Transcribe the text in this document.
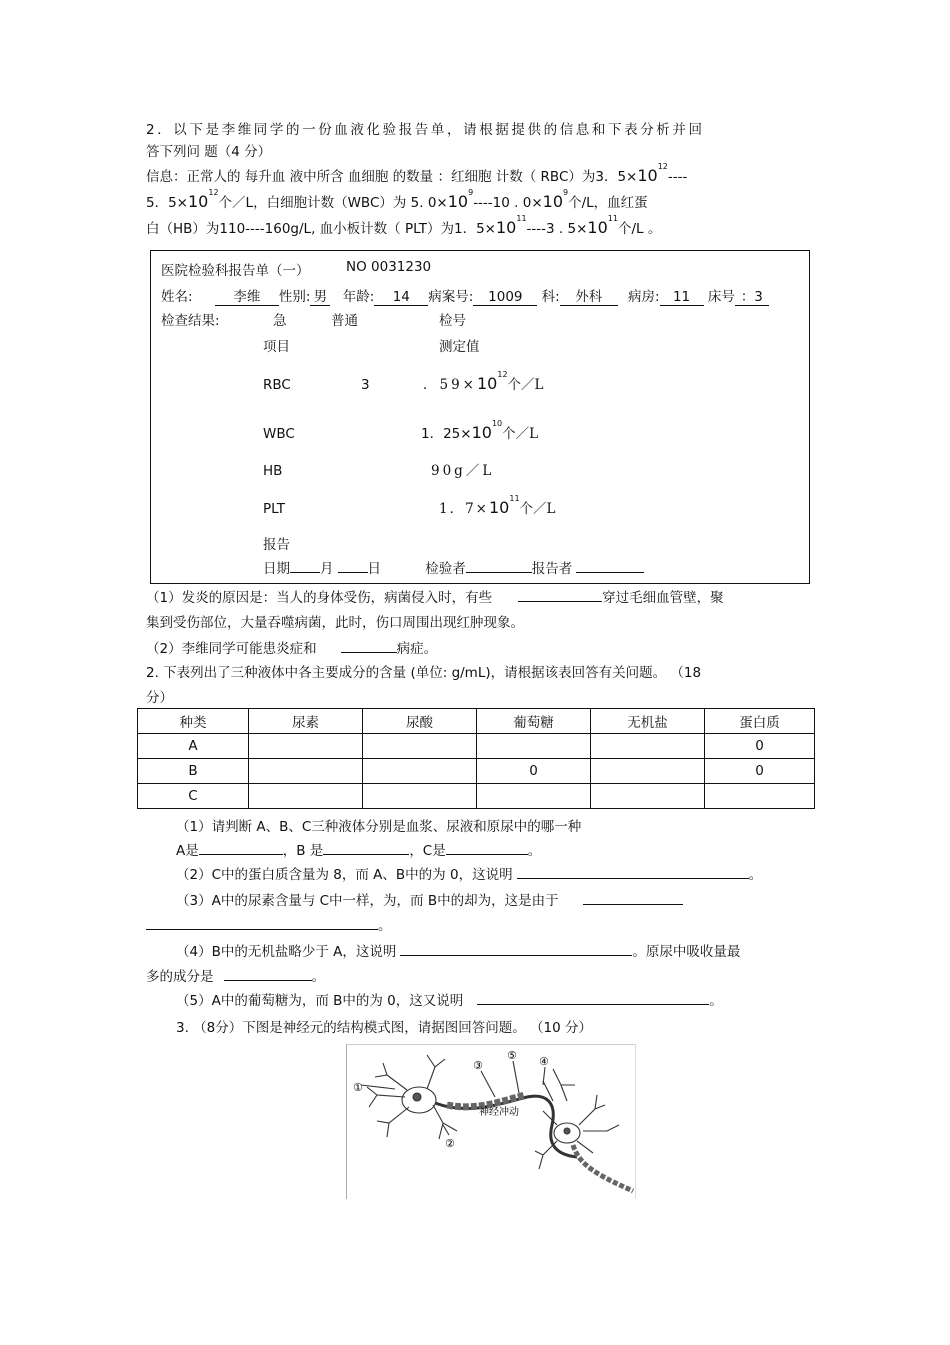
2．以下是李维同学的一份血液化验报告单，请根据提供的信息和下表分析并回
答下列问 题（4 分）
信息：正常人的 每升血 液中所含 血细胞 的数量 ：红细胞 计数（ RBC）为3．$5\times 10^{12}----$
5．$5\times 10^{12}$个／L，白细胞计数（WBC）为 5. $0\times 10^9----10$ . $0\times 10^9$个/L，血红蛋
白（HB）为110----160g/L, 血小板计数（ PLT）为1．$5\times 10^{11}----3$ . $5\times 10^{11}$个/L 。
医院检验科报告单（一）	NO 0031230
姓名:	李维 性别: 男 年龄: 14 病案号: 1009 科: 外科 病房: 11 床号 ：3
检查结果:	急	普通	检号
项目	测定值
RBC	3	．$59\times 10^{12}$个／L
WBC	1．$25\times 10^{10}$个／L
HB	90g／L
PLT	1．$7\times 10^{11}$个／L
报告
日期 月	日	检验者	报告者
（1）发炎的原因是：当人的身体受伤，病菌侵入时，有些	穿过毛细血管壁，聚
集到受伤部位，大量吞噬病菌，此时，伤口周围出现红肿现象。
（2）李维同学可能患炎症和	病症。
2. 下表列出了三种液体中各主要成分的含量 (单位: g/mL)，请根据该表回答有关问题。 （18
分）
种类	尿素	尿酸	葡萄糖	无机盐	蛋白质
A					0
B			0		0
C					
（1）请判断 A、B、C三种液体分别是血浆、尿液和原尿中的哪一种
A是	，B 是	，C是	。
（2）C中的蛋白质含量为 8，而 A、B中的为 0，这说明	。
（3）A中的尿素含量与 C中一样，为，而 B中的却为，这是由于
。
（4）B中的无机盐略少于 A，这说明	。原尿中吸收量最
多的成分是	。
（5）A中的葡萄糖为，而 B中的为 0，这又说明	。
3. （8分）下图是神经元的结构模式图，请据图回答问题。 （10 分）
①
②
③
⑤ ④
神经冲动
